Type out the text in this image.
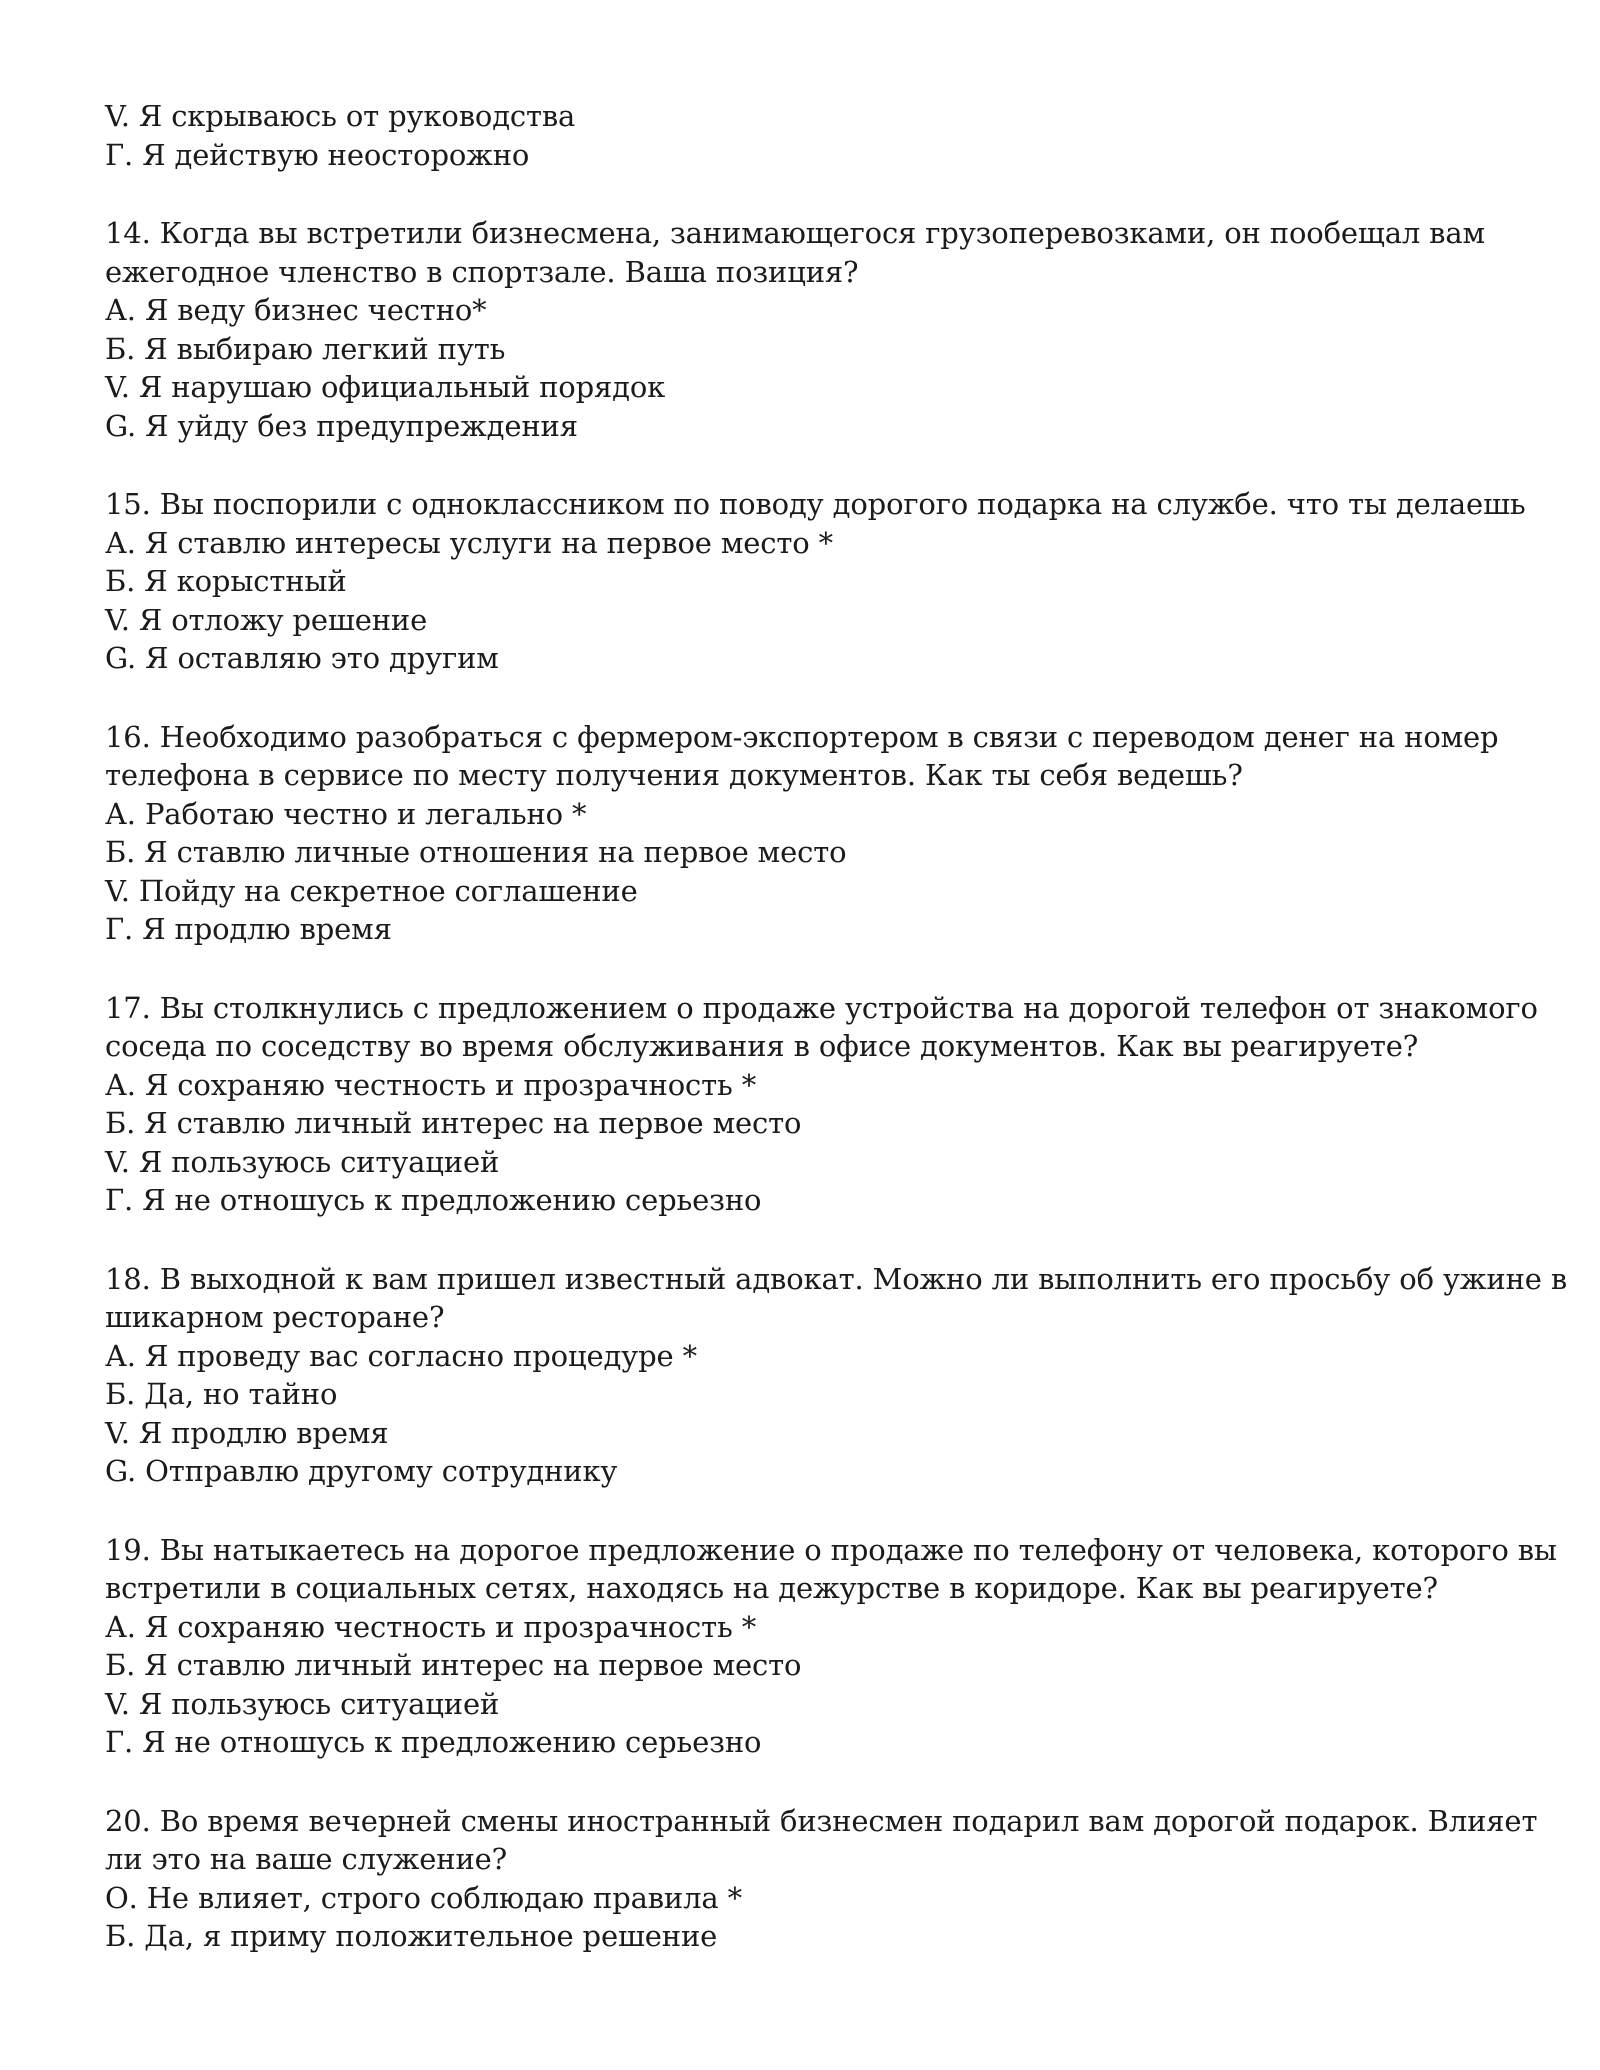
V. Я скрываюсь от руководства

Г. Я действую неосторожно

14. Когда вы встретили бизнесмена, занимающегося грузоперевозками, он пообещал вам

ежегодное членство в спортзале. Ваша позиция?

А. Я веду бизнес честно*

Б. Я выбираю легкий путь

V. Я нарушаю официальный порядок

G. Я уйду без предупреждения

15. Вы поспорили с одноклассником по поводу дорогого подарка на службе. что ты делаешь

А. Я ставлю интересы услуги на первое место *

Б. Я корыстный

V. Я отложу решение

G. Я оставляю это другим

16. Необходимо разобраться с фермером-экспортером в связи с переводом денег на номер

телефона в сервисе по месту получения документов. Как ты себя ведешь?

А. Работаю честно и легально *

Б. Я ставлю личные отношения на первое место

V. Пойду на секретное соглашение

Г. Я продлю время

17. Вы столкнулись с предложением о продаже устройства на дорогой телефон от знакомого

соседа по соседству во время обслуживания в офисе документов. Как вы реагируете?

А. Я сохраняю честность и прозрачность *

Б. Я ставлю личный интерес на первое место

V. Я пользуюсь ситуацией

Г. Я не отношусь к предложению серьезно

18. В выходной к вам пришел известный адвокат. Можно ли выполнить его просьбу об ужине в

шикарном ресторане?

А. Я проведу вас согласно процедуре *

Б. Да, но тайно

V. Я продлю время

G. Отправлю другому сотруднику

19. Вы натыкаетесь на дорогое предложение о продаже по телефону от человека, которого вы

встретили в социальных сетях, находясь на дежурстве в коридоре. Как вы реагируете?

А. Я сохраняю честность и прозрачность *

Б. Я ставлю личный интерес на первое место

V. Я пользуюсь ситуацией

Г. Я не отношусь к предложению серьезно

20. Во время вечерней смены иностранный бизнесмен подарил вам дорогой подарок. Влияет

ли это на ваше служение?

О. Не влияет, строго соблюдаю правила *

Б. Да, я приму положительное решение
